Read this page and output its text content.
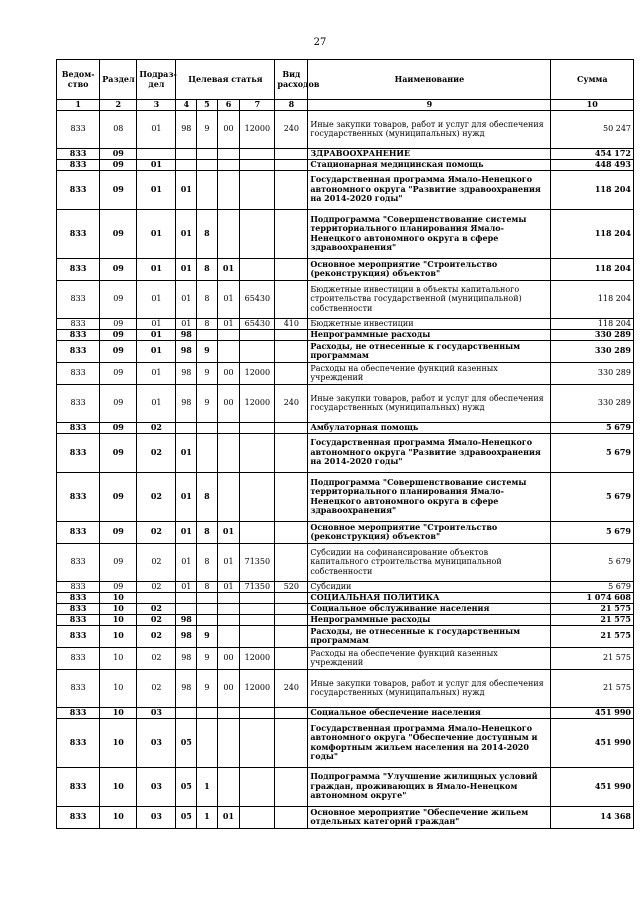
27
Ведом-ство	Раздел	Подраз-дел	Целевая статья				Вид расходов	Наименование	Сумма
1	2	3	4	5	6	7	8	9	10
833	08	01	98	9	00	12000	240	Иные закупки товаров, работ и услуг для обеспечения государственных (муниципальных) нужд	50 247
833	09							ЗДРАВООХРАНЕНИЕ	454 172
833	09	01						Стационарная медицинская помощь	448 493
833	09	01	01					Государственная программа Ямало-Ненецкого автономного округа "Развитие здравоохранения на 2014-2020 годы"	118 204
833	09	01	01	8				Подпрограмма "Совершенствование системы территориального планирования Ямало-Ненецкого автономного округа в сфере здравоохранения"	118 204
833	09	01	01	8	01			Основное мероприятие "Строительство (реконструкция) объектов"	118 204
833	09	01	01	8	01	65430		Бюджетные инвестиции в объекты капитального строительства государственной (муниципальной) собственности	118 204
833	09	01	01	8	01	65430	410	Бюджетные инвестиции	118 204
833	09	01	98					Непрограммные расходы	330 289
833	09	01	98	9				Расходы, не отнесенные к государственным программам	330 289
833	09	01	98	9	00	12000		Расходы на обеспечение функций казенных учреждений	330 289
833	09	01	98	9	00	12000	240	Иные закупки товаров, работ и услуг для обеспечения государственных (муниципальных) нужд	330 289
833	09	02						Амбулаторная помощь	5 679
833	09	02	01					Государственная программа Ямало-Ненецкого автономного округа "Развитие здравоохранения на 2014-2020 годы"	5 679
833	09	02	01	8				Подпрограмма "Совершенствование системы территориального планирования Ямало-Ненецкого автономного округа в сфере здравоохранения"	5 679
833	09	02	01	8	01			Основное мероприятие "Строительство (реконструкция) объектов"	5 679
833	09	02	01	8	01	71350		Субсидии на софинансирование объектов капитального строительства муниципальной собственности	5 679
833	09	02	01	8	01	71350	520	Субсидии	5 679
833	10							СОЦИАЛЬНАЯ ПОЛИТИКА	1 074 608
833	10	02						Социальное обслуживание населения	21 575
833	10	02	98					Непрограммные расходы	21 575
833	10	02	98	9				Расходы, не отнесенные к государственным программам	21 575
833	10	02	98	9	00	12000		Расходы на обеспечение функций казенных учреждений	21 575
833	10	02	98	9	00	12000	240	Иные закупки товаров, работ и услуг для обеспечения государственных (муниципальных) нужд	21 575
833	10	03						Социальное обеспечение населения	451 990
833	10	03	05					Государственная программа Ямало-Ненецкого автономного округа "Обеспечение доступным и комфортным жильем населения на 2014-2020 годы"	451 990
833	10	03	05	1				Подпрограмма "Улучшение жилищных условий граждан, проживающих в Ямало-Ненецком автономном округе"	451 990
833	10	03	05	1	01			Основное мероприятие "Обеспечение жильем отдельных категорий граждан"	14 368
